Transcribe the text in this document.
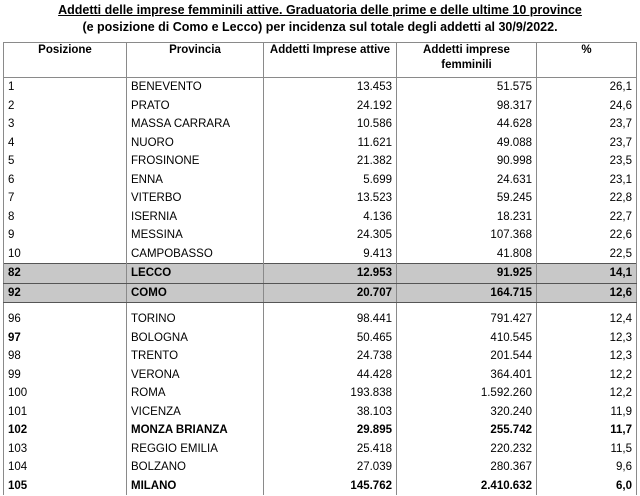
Addetti delle imprese femminili attive. Graduatoria delle prime e delle ultime 10 province
(e posizione di Como e Lecco) per incidenza sul totale degli addetti al 30/9/2022.
Posizione	Provincia	Addetti Imprese attive	Addetti imprese femminili	%
1	BENEVENTO	13.453	51.575	26,1
2	PRATO	24.192	98.317	24,6
3	MASSA CARRARA	10.586	44.628	23,7
4	NUORO	11.621	49.088	23,7
5	FROSINONE	21.382	90.998	23,5
6	ENNA	5.699	24.631	23,1
7	VITERBO	13.523	59.245	22,8
8	ISERNIA	4.136	18.231	22,7
9	MESSINA	24.305	107.368	22,6
10	CAMPOBASSO	9.413	41.808	22,5
82	LECCO	12.953	91.925	14,1
92	COMO	20.707	164.715	12,6

96	TORINO	98.441	791.427	12,4
97	BOLOGNA	50.465	410.545	12,3
98	TRENTO	24.738	201.544	12,3
99	VERONA	44.428	364.401	12,2
100	ROMA	193.838	1.592.260	12,2
101	VICENZA	38.103	320.240	11,9
102	MONZA BRIANZA	29.895	255.742	11,7
103	REGGIO EMILIA	25.418	220.232	11,5
104	BOLZANO	27.039	280.367	9,6
105	MILANO	145.762	2.410.632	6,0
